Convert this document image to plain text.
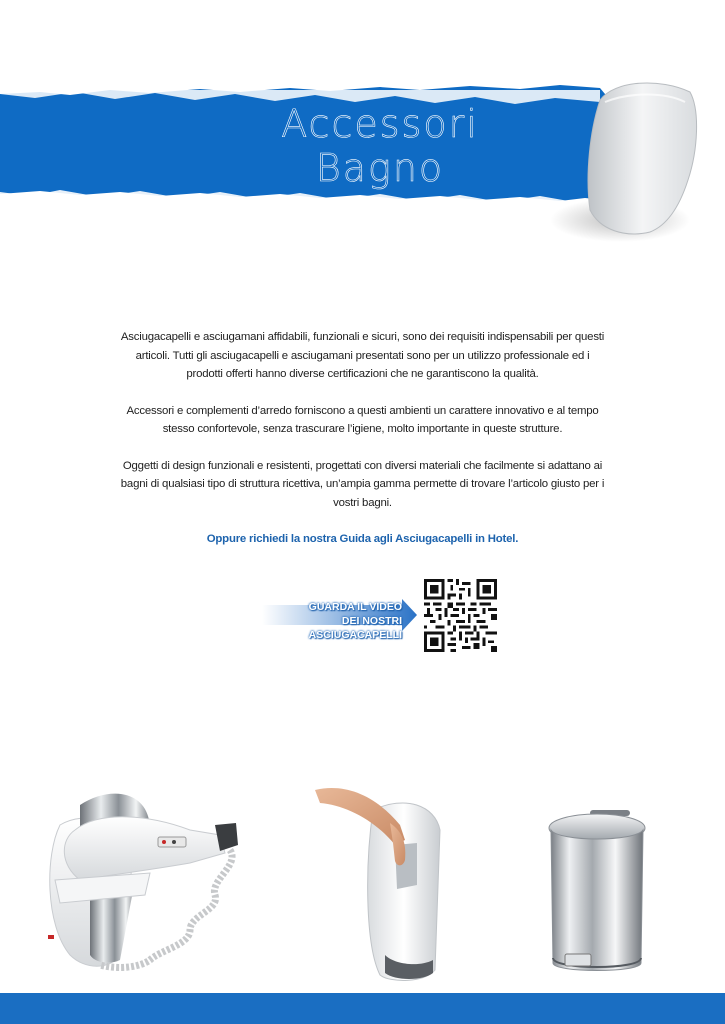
Accessori
Bagno

Asciugacapelli e asciugamani affidabili, funzionali e sicuri, sono dei requisiti indispensabili per questi articoli. Tutti gli asciugacapelli e asciugamani presentati sono per un utilizzo professionale ed i prodotti offerti hanno diverse certificazioni che ne garantiscono la qualità.

Accessori e complementi d’arredo forniscono a questi ambienti un carattere innovativo e al tempo stesso confortevole, senza trascurare l’igiene, molto importante in queste strutture.

Oggetti di design funzionali e resistenti, progettati con diversi materiali che facilmente si adattano ai bagni di qualsiasi tipo di struttura ricettiva, un’ampia gamma permette di trovare l’articolo giusto per i vostri bagni.

Oppure richiedi la nostra Guida agli Asciugacapelli in Hotel.

GUARDA IL VIDEO
DEI NOSTRI ASCIUGACAPELLI
